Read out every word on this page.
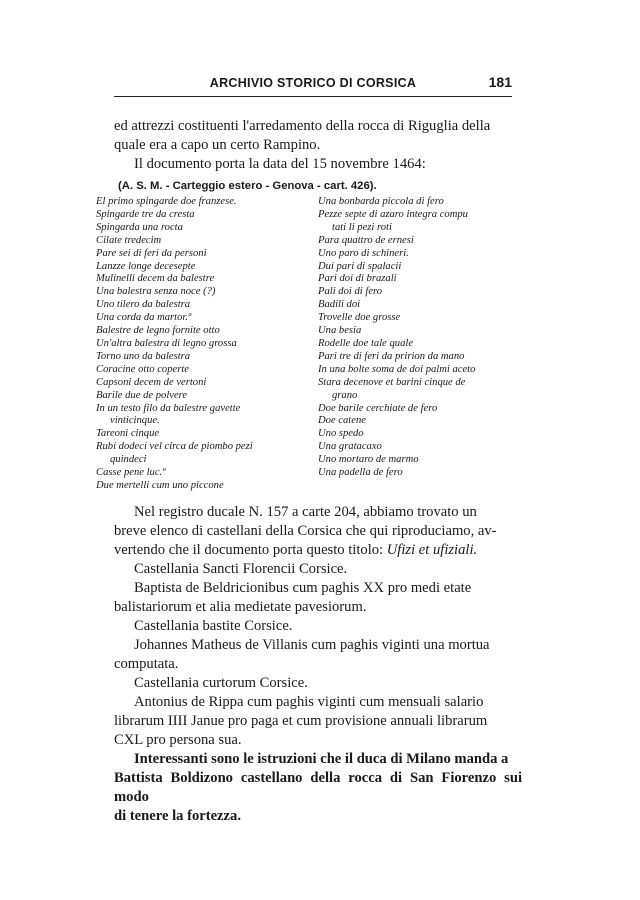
ARCHIVIO STORICO DI CORSICA	181

ed attrezzi costituenti l'arredamento della rocca di Riguglia della

quale era a capo un certo Rampino.

Il documento porta la data del 15 novembre 1464:

(A. S. M. - Carteggio estero - Genova - cart. 426).
El primo spingarde doe franzese.
Spingarde tre da cresta
Spingarda una rocta
Cilate tredecim
Pare sei di feri da personi
Lanzze longe decesepte
Mulinelli decem da balestre
Una balestra senza noce (?)
Uno tilero da balestra
Una corda da martor.º
Balestre de legno fornite otto
Un'altra balestra di legno grossa
Torno uno da balestra
Coracine otto coperte
Capsoni decem de vertoni
Barile due de polvere
In un testo filo da balestre gavette
vinticinque.
Tareoni cinque
Rubi dodeci vel circa de piombo pezi
quindeci
Casse pene luc.º
Due mertelli cum uno piccone
Una bonbarda piccola di fero
Pezze septe di azaro integra compu
tati li pezi roti
Para quattro de ernesi
Uno paro di schineri.
Dui pari di spalacii
Pari doi di brazali
Pali doi di fero
Badili doi
Trovelle doe grosse
Una besia
Rodelle doe tale quale
Pari tre di feri da pririon da mano
In una bolte soma de doi palmi aceto
Stara decenove et barini cinque de
grano
Doe barile cerchiate de fero
Doe catene
Uno spedo
Una gratacaxo
Uno mortaro de marmo
Una padella de fero

Nel registro ducale N. 157 a carte 204, abbiamo trovato un

breve elenco di castellani della Corsica che qui riproduciamo, av-

vertendo che il documento porta questo titolo: Ufizi et ufiziali.

Castellania Sancti Florencii Corsice.

Baptista de Beldricionibus cum paghis XX pro medi etate

balistariorum et alia medietate pavesiorum.

Castellania bastite Corsice.

Johannes Matheus de Villanis cum paghis viginti una mortua

computata.

Castellania curtorum Corsice.

Antonius de Rippa cum paghis viginti cum mensuali salario

librarum IIII Janue pro paga et cum provisione annuali librarum

CXL pro persona sua.

Interessanti sono le istruzioni che il duca di Milano manda a

Battista Boldizono castellano della rocca di San Fiorenzo sui modo

di tenere la fortezza.
